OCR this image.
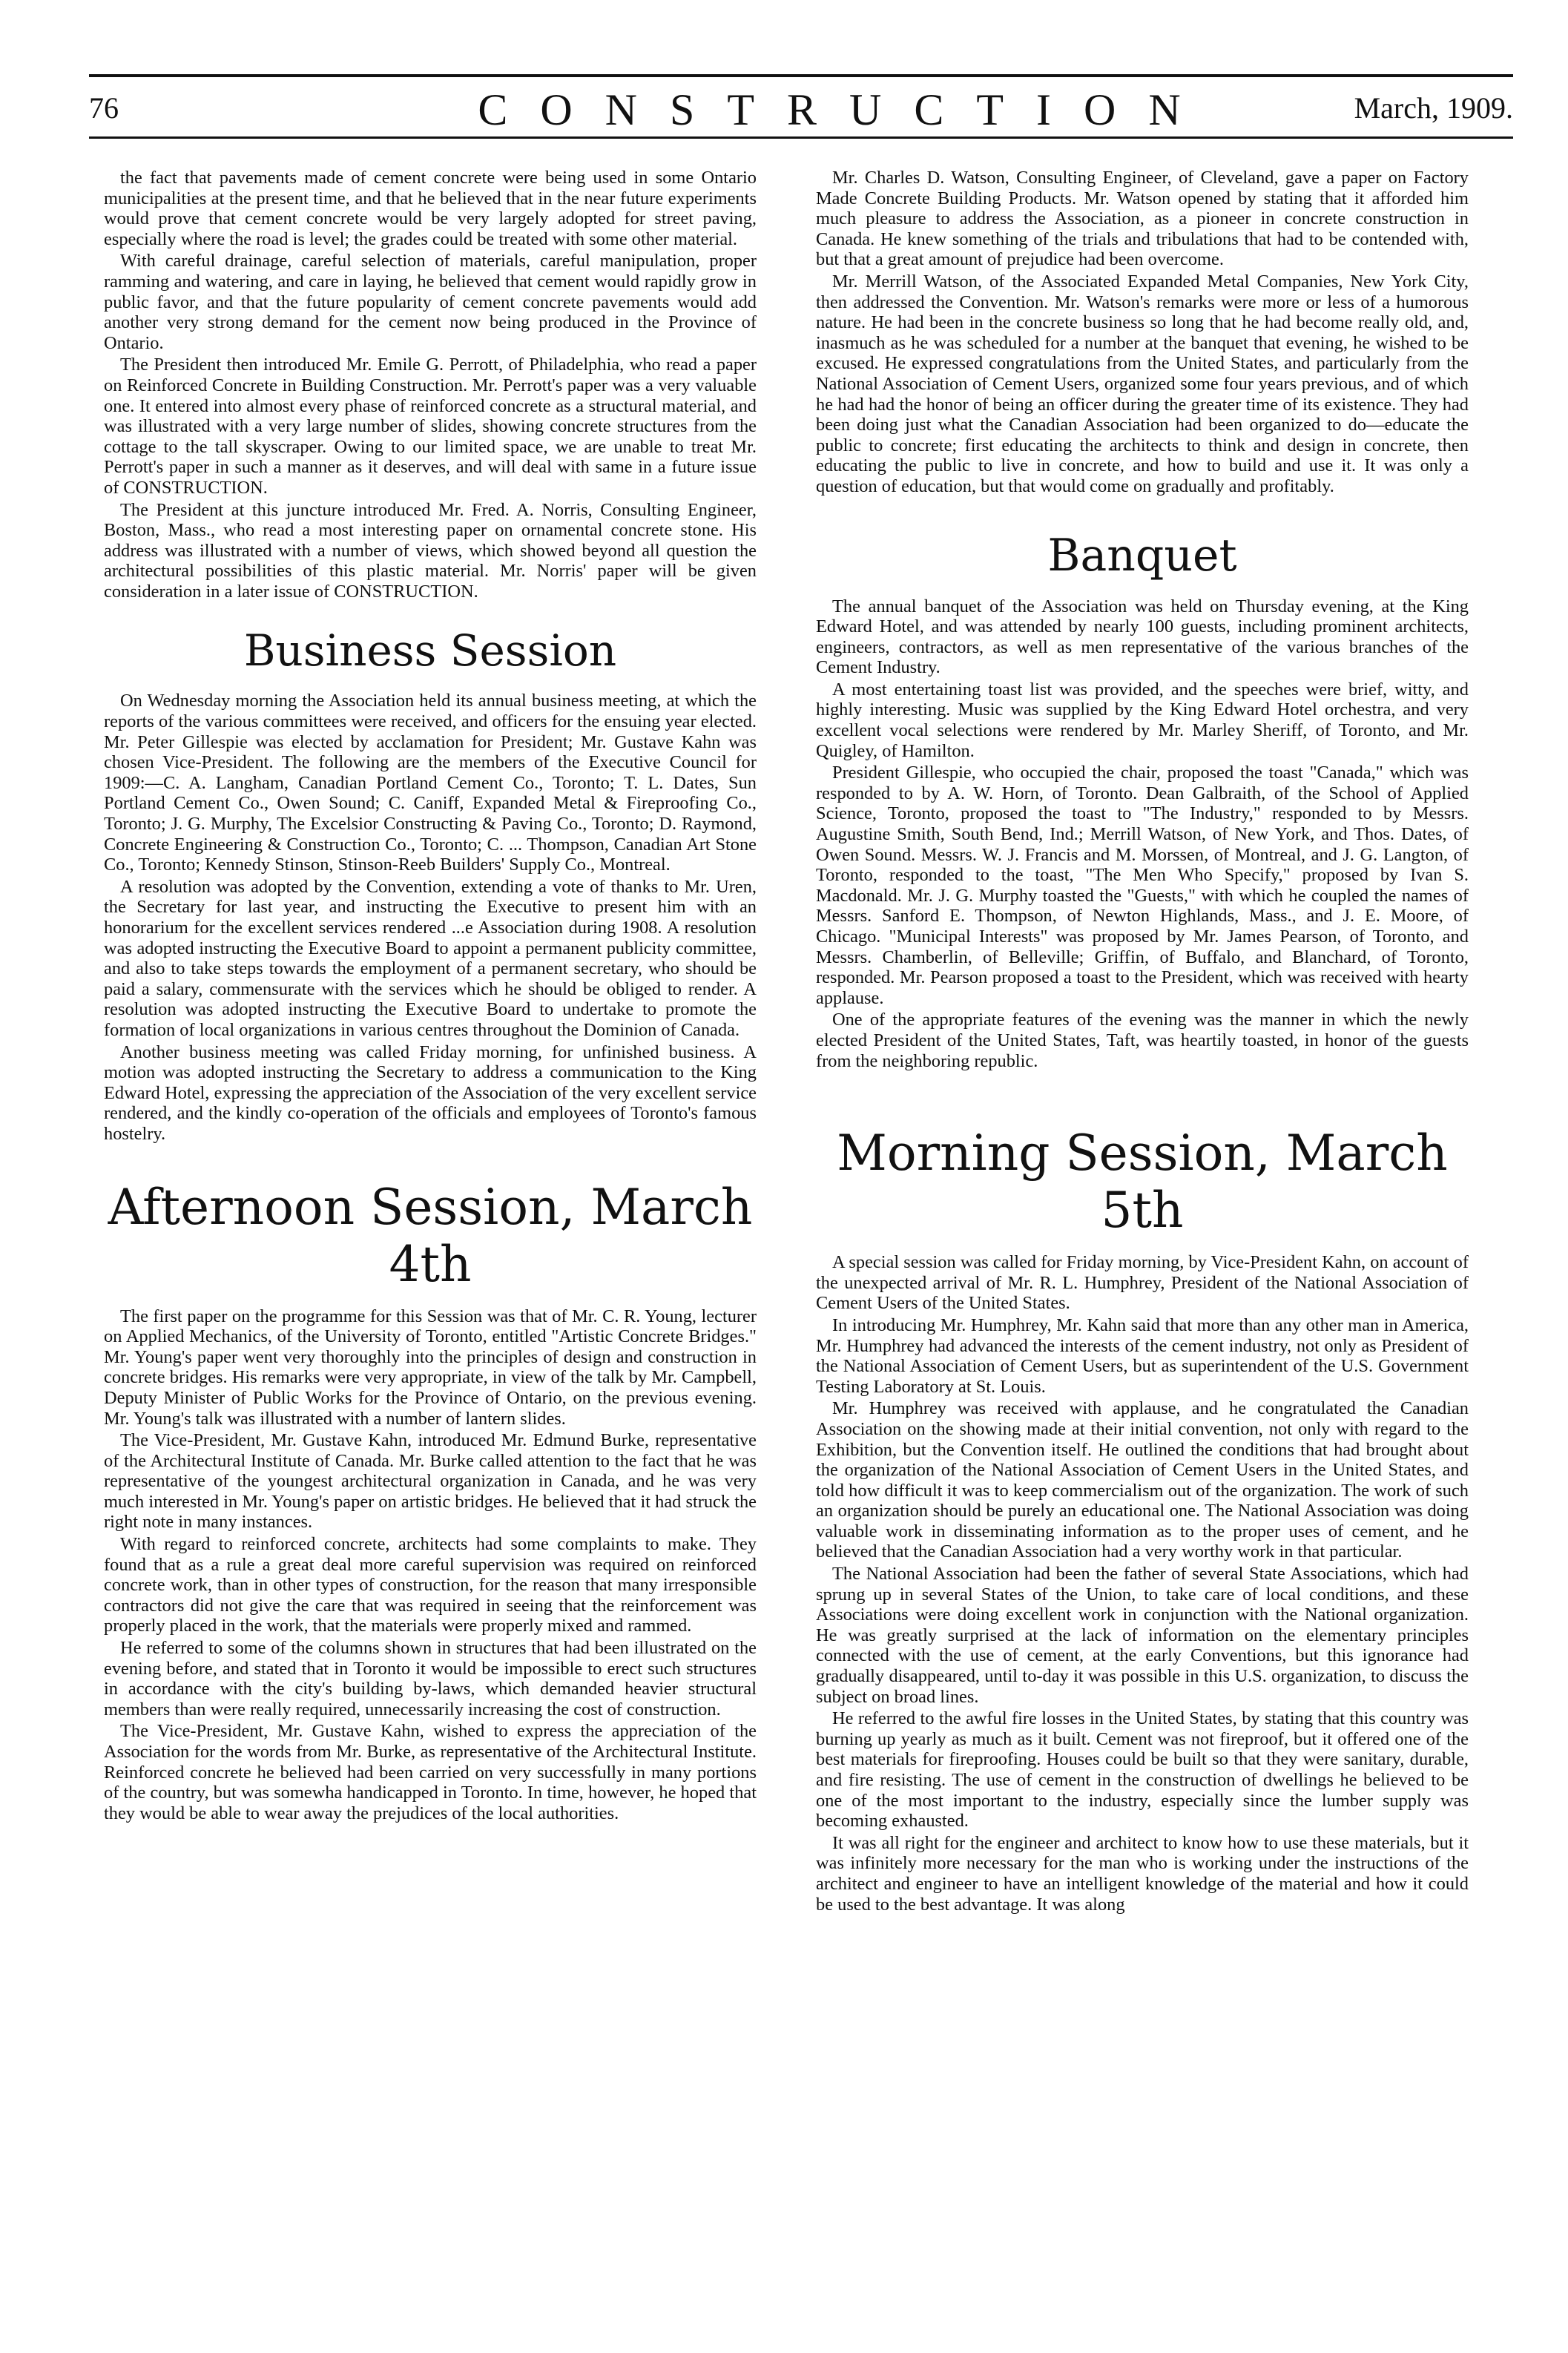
76	CONSTRUCTION	March, 1909.

the fact that pavements made of cement concrete were being used in some Ontario municipalities at the present time, and that he believed that in the near future experiments would prove that cement concrete would be very largely adopted for street paving, especially where the road is level; the grades could be treated with some other material.

With careful drainage, careful selection of materials, careful manipulation, proper ramming and watering, and care in laying, he believed that cement would rapidly grow in public favor, and that the future popularity of cement concrete pavements would add another very strong demand for the cement now being produced in the Province of Ontario.

The President then introduced Mr. Emile G. Perrott, of Philadelphia, who read a paper on Reinforced Concrete in Building Construction. Mr. Perrott's paper was a very valuable one. It entered into almost every phase of reinforced concrete as a structural material, and was illustrated with a very large number of slides, showing concrete structures from the cottage to the tall skyscraper. Owing to our limited space, we are unable to treat Mr. Perrott's paper in such a manner as it deserves, and will deal with same in a future issue of CONSTRUCTION.

The President at this juncture introduced Mr. Fred. A. Norris, Consulting Engineer, Boston, Mass., who read a most interesting paper on ornamental concrete stone. His address was illustrated with a number of views, which showed beyond all question the architectural possibilities of this plastic material. Mr. Norris' paper will be given consideration in a later issue of CONSTRUCTION.

Business Session

On Wednesday morning the Association held its annual business meeting, at which the reports of the various committees were received, and officers for the ensuing year elected. Mr. Peter Gillespie was elected by acclamation for President; Mr. Gustave Kahn was chosen Vice-President. The following are the members of the Executive Council for 1909:—C. A. Langham, Canadian Portland Cement Co., Toronto; T. L. Dates, Sun Portland Cement Co., Owen Sound; C. Caniff, Expanded Metal & Fireproofing Co., Toronto; J. G. Murphy, The Excelsior Constructing & Paving Co., Toronto; D. Raymond, Concrete Engineering & Construction Co., Toronto; C. ... Thompson, Canadian Art Stone Co., Toronto; Kennedy Stinson, Stinson-Reeb Builders' Supply Co., Montreal.

A resolution was adopted by the Convention, extending a vote of thanks to Mr. Uren, the Secretary for last year, and instructing the Executive to present him with an honorarium for the excellent services rendered ...e Association during 1908. A resolution was adopted instructing the Executive Board to appoint a permanent publicity committee, and also to take steps towards the employment of a permanent secretary, who should be paid a salary, commensurate with the services which he should be obliged to render. A resolution was adopted instructing the Executive Board to undertake to promote the formation of local organizations in various centres throughout the Dominion of Canada.

Another business meeting was called Friday morning, for unfinished business. A motion was adopted instructing the Secretary to address a communication to the King Edward Hotel, expressing the appreciation of the Association of the very excellent service rendered, and the kindly co-operation of the officials and employees of Toronto's famous hostelry.

Afternoon Session, March 4th

The first paper on the programme for this Session was that of Mr. C. R. Young, lecturer on Applied Mechanics, of the University of Toronto, entitled "Artistic Concrete Bridges." Mr. Young's paper went very thoroughly into the principles of design and construction in concrete bridges. His remarks were very appropriate, in view of the talk by Mr. Campbell, Deputy Minister of Public Works for the Province of Ontario, on the previous evening. Mr. Young's talk was illustrated with a number of lantern slides.

The Vice-President, Mr. Gustave Kahn, introduced Mr. Edmund Burke, representative of the Architectural Institute of Canada. Mr. Burke called attention to the fact that he was representative of the youngest architectural organization in Canada, and he was very much interested in Mr. Young's paper on artistic bridges. He believed that it had struck the right note in many instances.

With regard to reinforced concrete, architects had some complaints to make. They found that as a rule a great deal more careful supervision was required on reinforced concrete work, than in other types of construction, for the reason that many irresponsible contractors did not give the care that was required in seeing that the reinforcement was properly placed in the work, that the materials were properly mixed and rammed.

He referred to some of the columns shown in structures that had been illustrated on the evening before, and stated that in Toronto it would be impossible to erect such structures in accordance with the city's building by-laws, which demanded heavier structural members than were really required, unnecessarily increasing the cost of construction.

The Vice-President, Mr. Gustave Kahn, wished to express the appreciation of the Association for the words from Mr. Burke, as representative of the Architectural Institute. Reinforced concrete he believed had been carried on very successfully in many portions of the country, but was somewha handicapped in Toronto. In time, however, he hoped that they would be able to wear away the prejudices of the local authorities.

Mr. Charles D. Watson, Consulting Engineer, of Cleveland, gave a paper on Factory Made Concrete Building Products. Mr. Watson opened by stating that it afforded him much pleasure to address the Association, as a pioneer in concrete construction in Canada. He knew something of the trials and tribulations that had to be contended with, but that a great amount of prejudice had been overcome.

Mr. Merrill Watson, of the Associated Expanded Metal Companies, New York City, then addressed the Convention. Mr. Watson's remarks were more or less of a humorous nature. He had been in the concrete business so long that he had become really old, and, inasmuch as he was scheduled for a number at the banquet that evening, he wished to be excused. He expressed congratulations from the United States, and particularly from the National Association of Cement Users, organized some four years previous, and of which he had had the honor of being an officer during the greater time of its existence. They had been doing just what the Canadian Association had been organized to do—educate the public to concrete; first educating the architects to think and design in concrete, then educating the public to live in concrete, and how to build and use it. It was only a question of education, but that would come on gradually and profitably.

Banquet

The annual banquet of the Association was held on Thursday evening, at the King Edward Hotel, and was attended by nearly 100 guests, including prominent architects, engineers, contractors, as well as men representative of the various branches of the Cement Industry.

A most entertaining toast list was provided, and the speeches were brief, witty, and highly interesting. Music was supplied by the King Edward Hotel orchestra, and very excellent vocal selections were rendered by Mr. Marley Sheriff, of Toronto, and Mr. Quigley, of Hamilton.

President Gillespie, who occupied the chair, proposed the toast "Canada," which was responded to by A. W. Horn, of Toronto. Dean Galbraith, of the School of Applied Science, Toronto, proposed the toast to "The Industry," responded to by Messrs. Augustine Smith, South Bend, Ind.; Merrill Watson, of New York, and Thos. Dates, of Owen Sound. Messrs. W. J. Francis and M. Morssen, of Montreal, and J. G. Langton, of Toronto, responded to the toast, "The Men Who Specify," proposed by Ivan S. Macdonald. Mr. J. G. Murphy toasted the "Guests," with which he coupled the names of Messrs. Sanford E. Thompson, of Newton Highlands, Mass., and J. E. Moore, of Chicago. "Municipal Interests" was proposed by Mr. James Pearson, of Toronto, and Messrs. Chamberlin, of Belleville; Griffin, of Buffalo, and Blanchard, of Toronto, responded. Mr. Pearson proposed a toast to the President, which was received with hearty applause.

One of the appropriate features of the evening was the manner in which the newly elected President of the United States, Taft, was heartily toasted, in honor of the guests from the neighboring republic.

Morning Session, March 5th

A special session was called for Friday morning, by Vice-President Kahn, on account of the unexpected arrival of Mr. R. L. Humphrey, President of the National Association of Cement Users of the United States.

In introducing Mr. Humphrey, Mr. Kahn said that more than any other man in America, Mr. Humphrey had advanced the interests of the cement industry, not only as President of the National Association of Cement Users, but as superintendent of the U.S. Government Testing Laboratory at St. Louis.

Mr. Humphrey was received with applause, and he congratulated the Canadian Association on the showing made at their initial convention, not only with regard to the Exhibition, but the Convention itself. He outlined the conditions that had brought about the organization of the National Association of Cement Users in the United States, and told how difficult it was to keep commercialism out of the organization. The work of such an organization should be purely an educational one. The National Association was doing valuable work in disseminating information as to the proper uses of cement, and he believed that the Canadian Association had a very worthy work in that particular.

The National Association had been the father of several State Associations, which had sprung up in several States of the Union, to take care of local conditions, and these Associations were doing excellent work in conjunction with the National organization. He was greatly surprised at the lack of information on the elementary principles connected with the use of cement, at the early Conventions, but this ignorance had gradually disappeared, until to-day it was possible in this U.S. organization, to discuss the subject on broad lines.

He referred to the awful fire losses in the United States, by stating that this country was burning up yearly as much as it built. Cement was not fireproof, but it offered one of the best materials for fireproofing. Houses could be built so that they were sanitary, durable, and fire resisting. The use of cement in the construction of dwellings he believed to be one of the most important to the industry, especially since the lumber supply was becoming exhausted.

It was all right for the engineer and architect to know how to use these materials, but it was infinitely more necessary for the man who is working under the instructions of the architect and engineer to have an intelligent knowledge of the material and how it could be used to the best advantage. It was along
